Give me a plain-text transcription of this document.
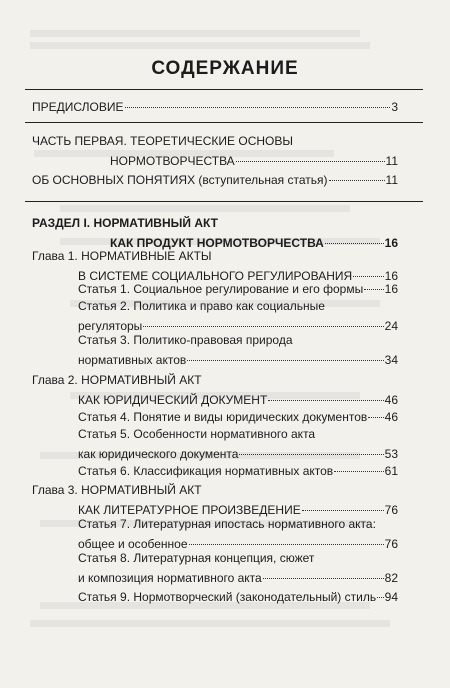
СОДЕРЖАНИЕ
ПРЕДИСЛОВИЕ	3
ЧАСТЬ ПЕРВАЯ. ТЕОРЕТИЧЕСКИЕ ОСНОВЫ
НОРМОТВОРЧЕСТВА	11
ОБ ОСНОВНЫХ ПОНЯТИЯХ (вступительная статья)	11
РАЗДЕЛ I. НОРМАТИВНЫЙ АКТ
КАК ПРОДУКТ НОРМОТВОРЧЕСТВА	16
Глава 1. НОРМАТИВНЫЕ АКТЫ
В СИСТЕМЕ СОЦИАЛЬНОГО РЕГУЛИРОВАНИЯ	16
Статья 1. Социальное регулирование и его формы 16
Статья 2. Политика и право как социальные
регуляторы	24
Статья 3. Политико-правовая природа
нормативных актов	34
Глава 2. НОРМАТИВНЫЙ АКТ
КАК ЮРИДИЧЕСКИЙ ДОКУМЕНТ	46
Статья 4. Понятие и виды юридических документов 46
Статья 5. Особенности нормативного акта
как юридического документа	53
Статья 6. Классификация нормативных актов	61
Глава 3. НОРМАТИВНЫЙ АКТ
КАК ЛИТЕРАТУРНОЕ ПРОИЗВЕДЕНИЕ	76
Статья 7. Литературная ипостась нормативного акта:
общее и особенное	76
Статья 8. Литературная концепция, сюжет
и композиция нормативного акта	82
Статья 9. Нормотворческий (законодательный) стиль 94
